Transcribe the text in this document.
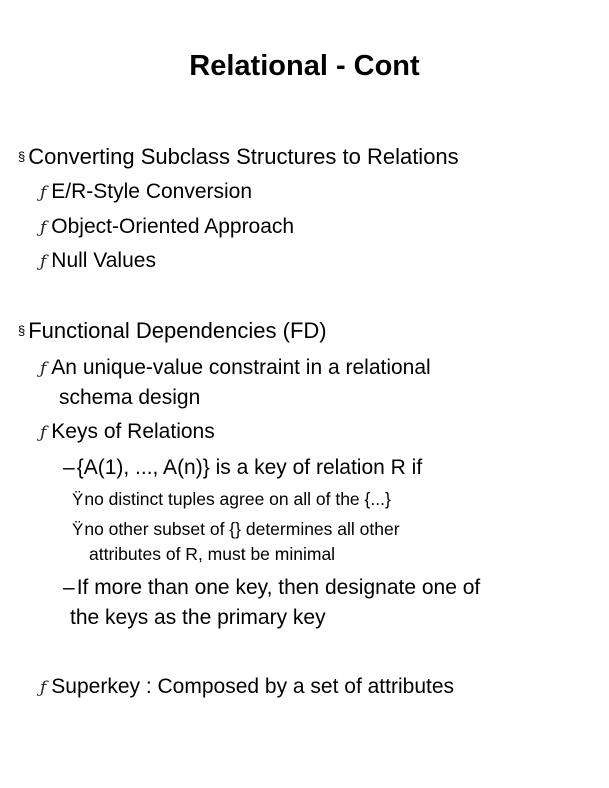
Relational - Cont
§ Converting Subclass Structures to Relations
ƒ E/R-Style Conversion
ƒ Object-Oriented Approach
ƒ Null Values
§ Functional Dependencies (FD)
ƒ An unique-value constraint in a relational
schema design
ƒ Keys of Relations
–{A(1), ..., A(n)} is a key of relation R if
Ÿno distinct tuples agree on all of the {...}
Ÿno other subset of {} determines all other
attributes of R, must be minimal
–If more than one key, then designate one of
the keys as the primary key
ƒ Superkey : Composed by a set of attributes
